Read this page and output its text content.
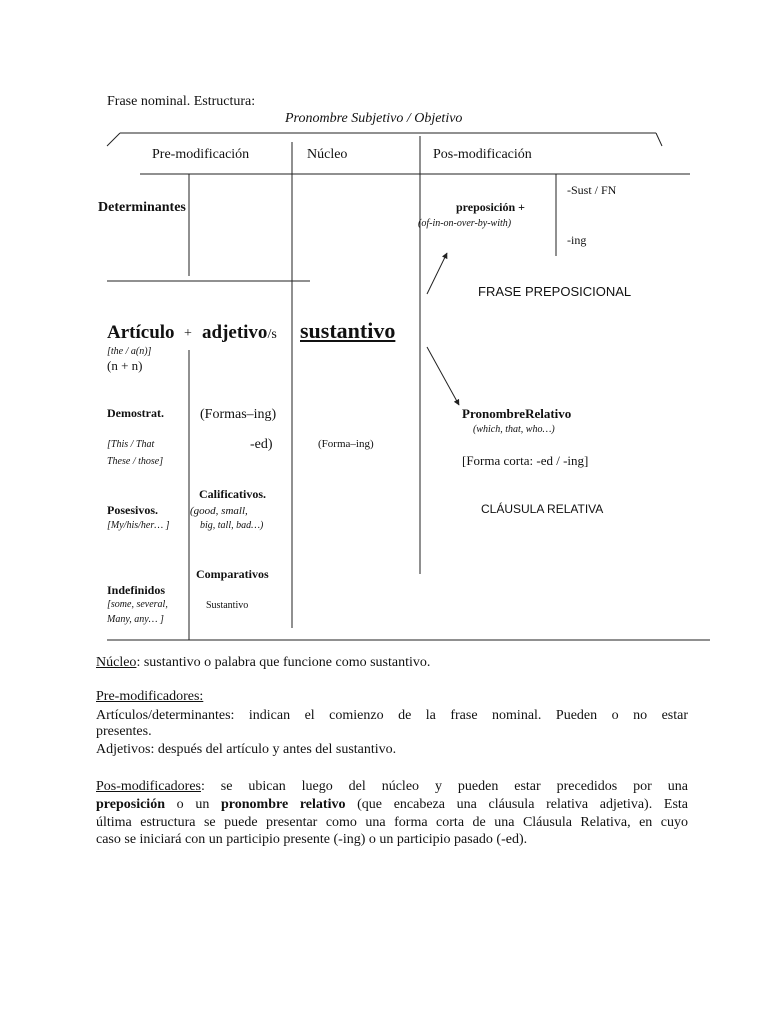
Frase nominal. Estructura:
Pronombre Subjetivo / Objetivo
Pre-modificación	Núcleo	Pos-modificación
Determinantes
Artículo + adjetivo/s
[the / a(n)]
(n + n)
Demostrat.	(Formas–ing)
[This / That
These / those]
-ed)
Calificativos.
Posesivos.	(good, small,
[My/his/her… ]	big, tall, bad…)
Comparativos
Indefinidos
[some, several,	Sustantivo
Many, any… ]
sustantivo
(Forma–ing)
-Sust / FN
preposición +
(of-in-on-over-by-with)
-ing
FRASE PREPOSICIONAL
PronombreRelativo
(which, that, who…)
[Forma corta: -ed / -ing]
CLÁUSULA RELATIVA
Núcleo: sustantivo o palabra que funcione como sustantivo.
Pre-modificadores:
Artículos/determinantes: indican el comienzo de la frase nominal. Pueden o no estar
presentes.
Adjetivos: después del artículo y antes del sustantivo.
Pos-modificadores: se ubican luego del núcleo y pueden estar precedidos por una
preposición o un pronombre relativo (que encabeza una cláusula relativa adjetiva). Esta
última estructura se puede presentar como una forma corta de una Cláusula Relativa, en cuyo
caso se iniciará con un participio presente (-ing) o un participio pasado (-ed).
